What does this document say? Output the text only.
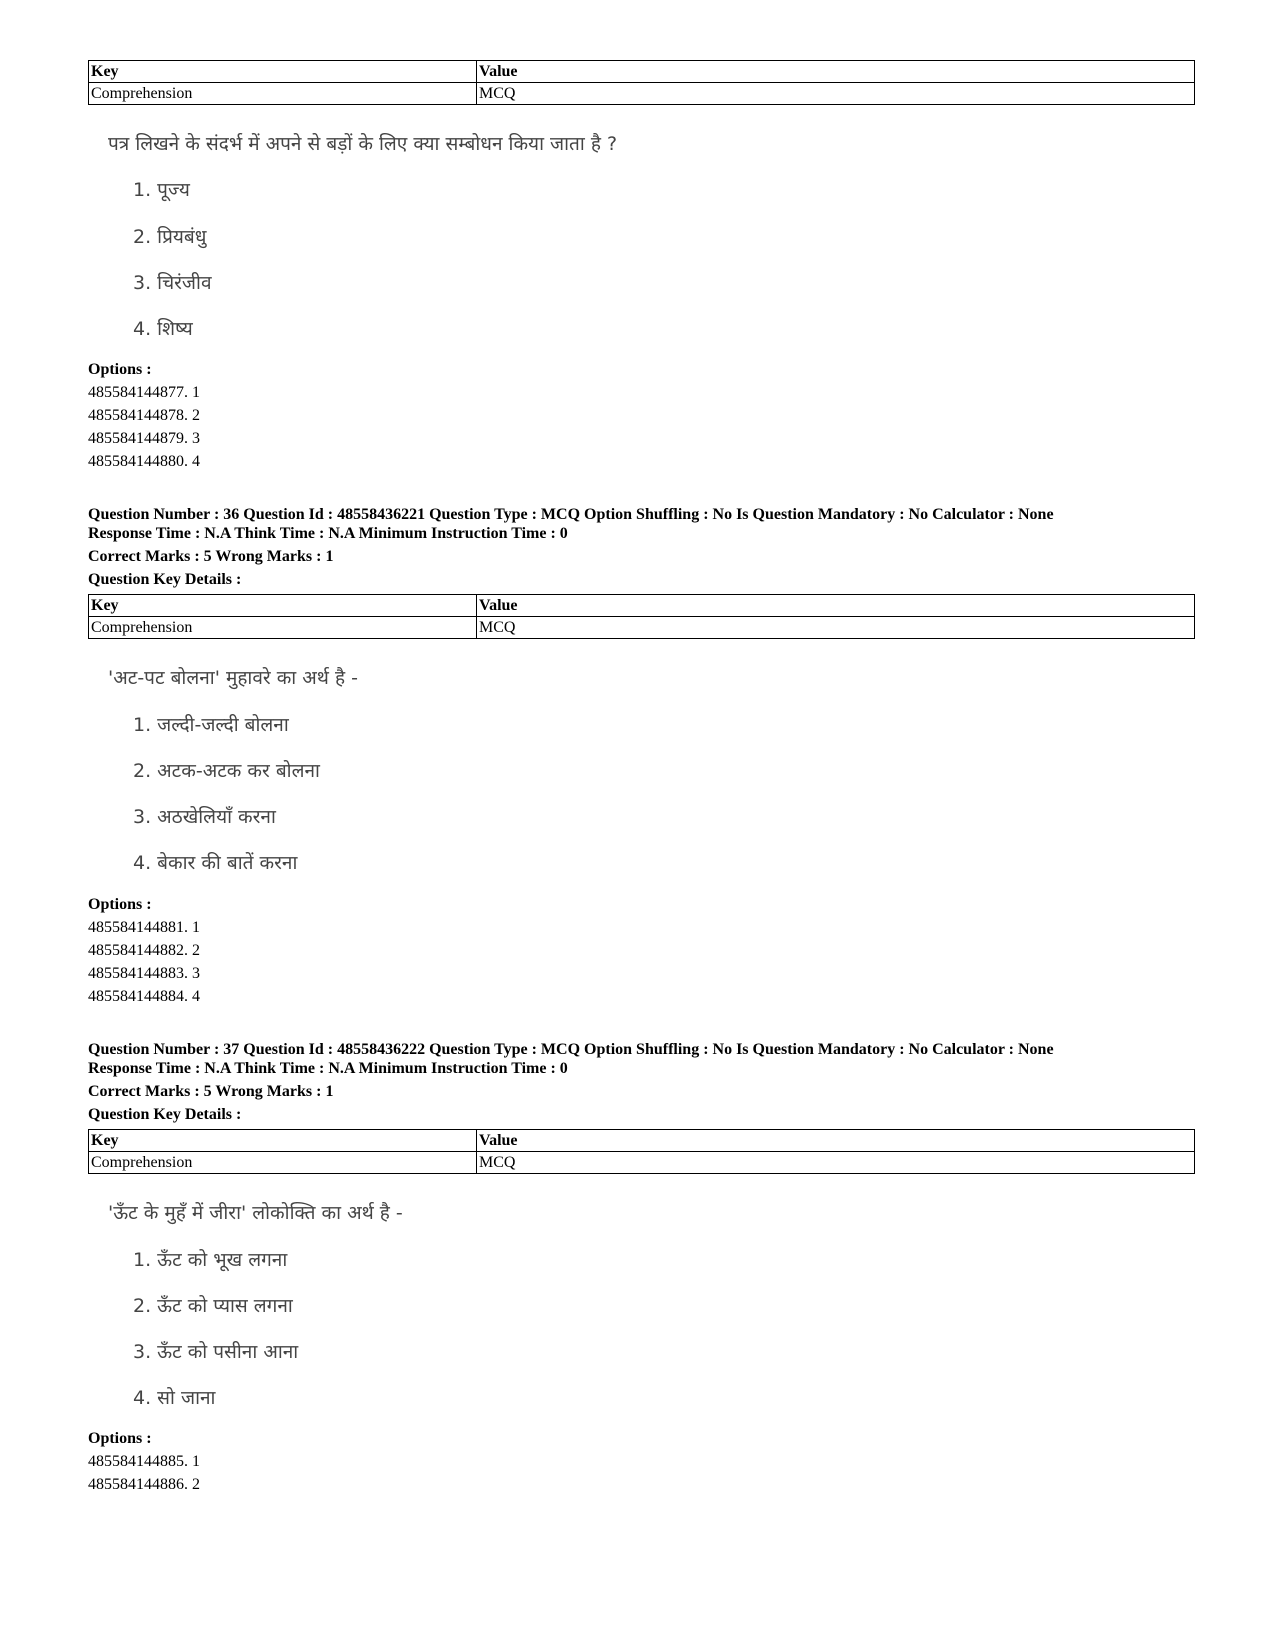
Key	Value
Comprehension	MCQ
पत्र लिखने के संदर्भ में अपने से बड़ों के लिए क्या सम्बोधन किया जाता है ?
1. पूज्य
2. प्रियबंधु
3. चिरंजीव
4. शिष्य
Options :
485584144877. 1
485584144878. 2
485584144879. 3
485584144880. 4
Question Number : 36 Question Id : 48558436221 Question Type : MCQ Option Shuffling : No Is Question Mandatory : No Calculator : None
Response Time : N.A Think Time : N.A Minimum Instruction Time : 0
Correct Marks : 5 Wrong Marks : 1
Question Key Details :
Key	Value
Comprehension	MCQ
'अट-पट बोलना' मुहावरे का अर्थ है -
1. जल्दी-जल्दी बोलना
2. अटक-अटक कर बोलना
3. अठखेलियाँ करना
4. बेकार की बातें करना
Options :
485584144881. 1
485584144882. 2
485584144883. 3
485584144884. 4
Question Number : 37 Question Id : 48558436222 Question Type : MCQ Option Shuffling : No Is Question Mandatory : No Calculator : None
Response Time : N.A Think Time : N.A Minimum Instruction Time : 0
Correct Marks : 5 Wrong Marks : 1
Question Key Details :
Key	Value
Comprehension	MCQ
'ऊँट के मुहँ में जीरा' लोकोक्ति का अर्थ है -
1. ऊँट को भूख लगना
2. ऊँट को प्यास लगना
3. ऊँट को पसीना आना
4. सो जाना
Options :
485584144885. 1
485584144886. 2
